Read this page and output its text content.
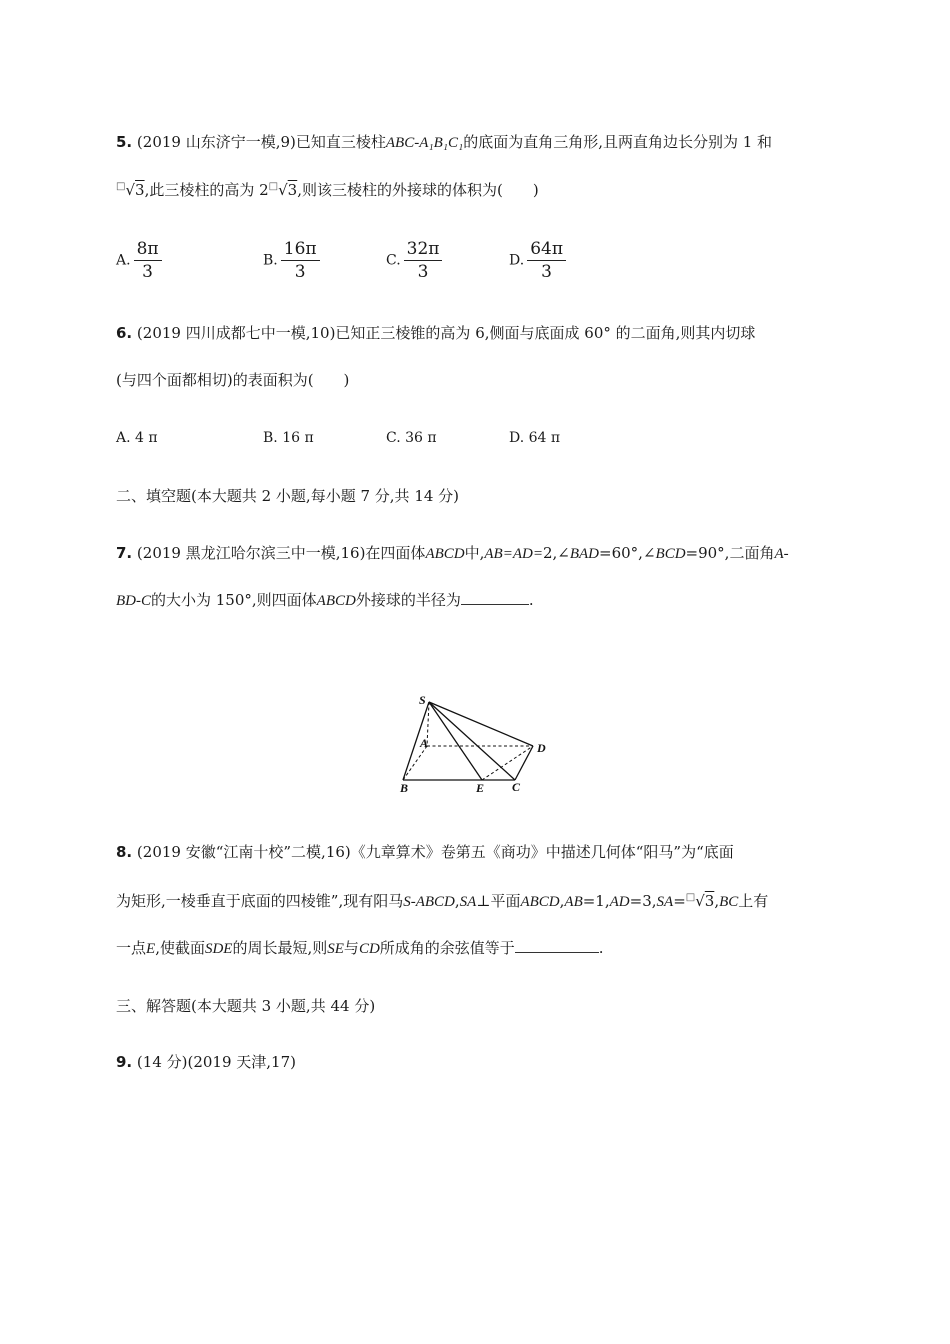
5. (2019 山东济宁一模,9)已知直三棱柱ABC-A₁B₁C₁的底面为直角三角形,且两直角边长分别为 1 和
□√3,此三棱柱的高为 2□√3,则该三棱柱的外接球的体积为(　　)
A. $\frac{8\pi}{3}$	B. $\frac{16\pi}{3}$	C. $\frac{32\pi}{3}$	D. $\frac{64\pi}{3}$
6. (2019 四川成都七中一模,10)已知正三棱锥的高为 6,侧面与底面成 60° 的二面角,则其内切球
(与四个面都相切)的表面积为(　　)
A. 4 π	B. 16 π	C. 36 π	D. 64 π
二、填空题(本大题共 2 小题,每小题 7 分,共 14 分)
7. (2019 黑龙江哈尔滨三中一模,16)在四面体ABCD中,AB=AD=2,∠BAD=60°,∠BCD=90°,二面角A-
BD-C的大小为 150°,则四面体ABCD外接球的半径为	.
S
A
B	E C
D
8. (2019 安徽“江南十校”二模,16)《九章算术》卷第五《商功》中描述几何体“阳马”为“底面
为矩形,一棱垂直于底面的四棱锥”,现有阳马S-ABCD,SA⊥平面ABCD,AB=1,AD=3,SA=□√3,BC上有
一点E,使截面SDE的周长最短,则SE与CD所成角的余弦值等于	.
三、解答题(本大题共 3 小题,共 44 分)
9. (14 分)(2019 天津,17)
